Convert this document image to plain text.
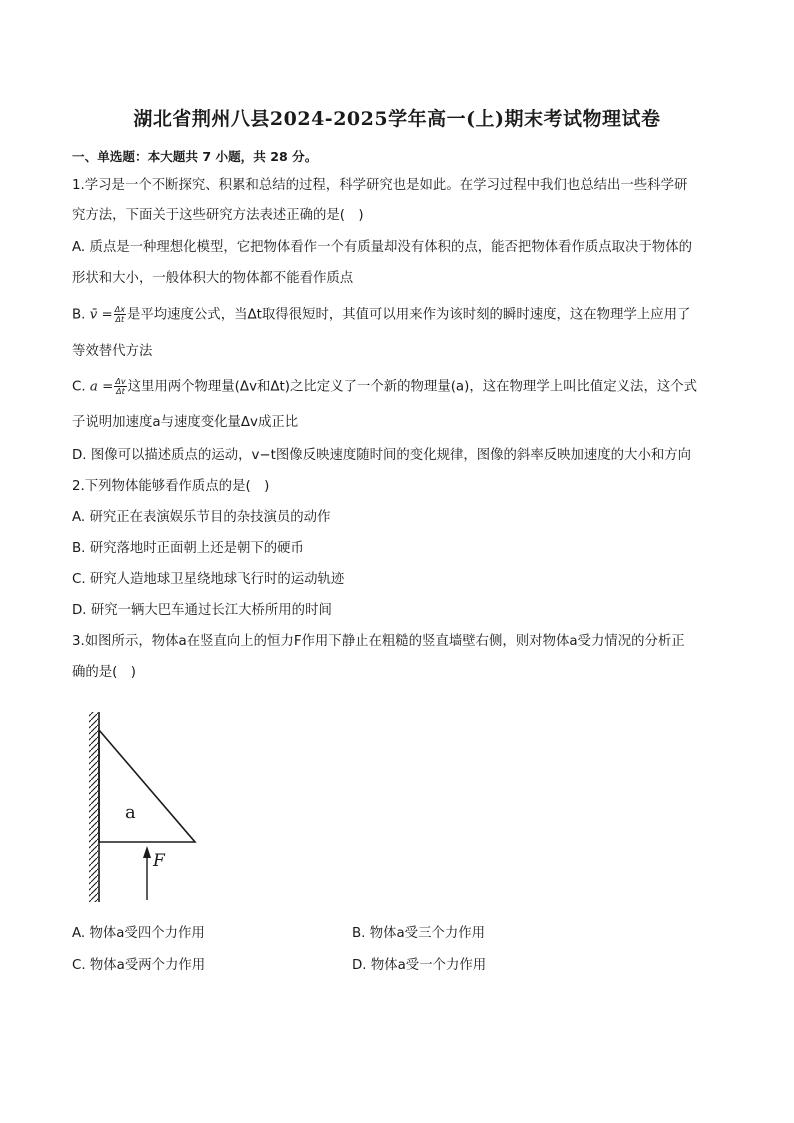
湖北省荆州八县2024-2025学年高一(上)期末考试物理试卷
一、单选题：本大题共 7 小题，共 28 分。
1.学习是一个不断探究、积累和总结的过程，科学研究也是如此。在学习过程中我们也总结出一些科学研
究方法，下面关于这些研究方法表述正确的是(　)
A. 质点是一种理想化模型，它把物体看作一个有质量却没有体积的点，能否把物体看作质点取决于物体的
形状和大小，一般体积大的物体都不能看作质点
B. v̄ = $\frac{\Delta x}{\Delta t}$ 是平均速度公式，当Δt取得很短时，其值可以用来作为该时刻的瞬时速度，这在物理学上应用了
等效替代方法
C. $a = \frac{\Delta v}{\Delta t}$ 这里用两个物理量(Δv和Δt)之比定义了一个新的物理量(a)，这在物理学上叫比值定义法，这个式
子说明加速度a与速度变化量Δv成正比
D. 图像可以描述质点的运动，v−t图像反映速度随时间的变化规律，图像的斜率反映加速度的大小和方向
2.下列物体能够看作质点的是(　)
A. 研究正在表演娱乐节目的杂技演员的动作
B. 研究落地时正面朝上还是朝下的硬币
C. 研究人造地球卫星绕地球飞行时的运动轨迹
D. 研究一辆大巴车通过长江大桥所用的时间
3.如图所示，物体a在竖直向上的恒力F作用下静止在粗糙的竖直墙壁右侧，则对物体a受力情况的分析正
确的是(　)
a
F
A. 物体a受四个力作用	B. 物体a受三个力作用
C. 物体a受两个力作用	D. 物体a受一个力作用
